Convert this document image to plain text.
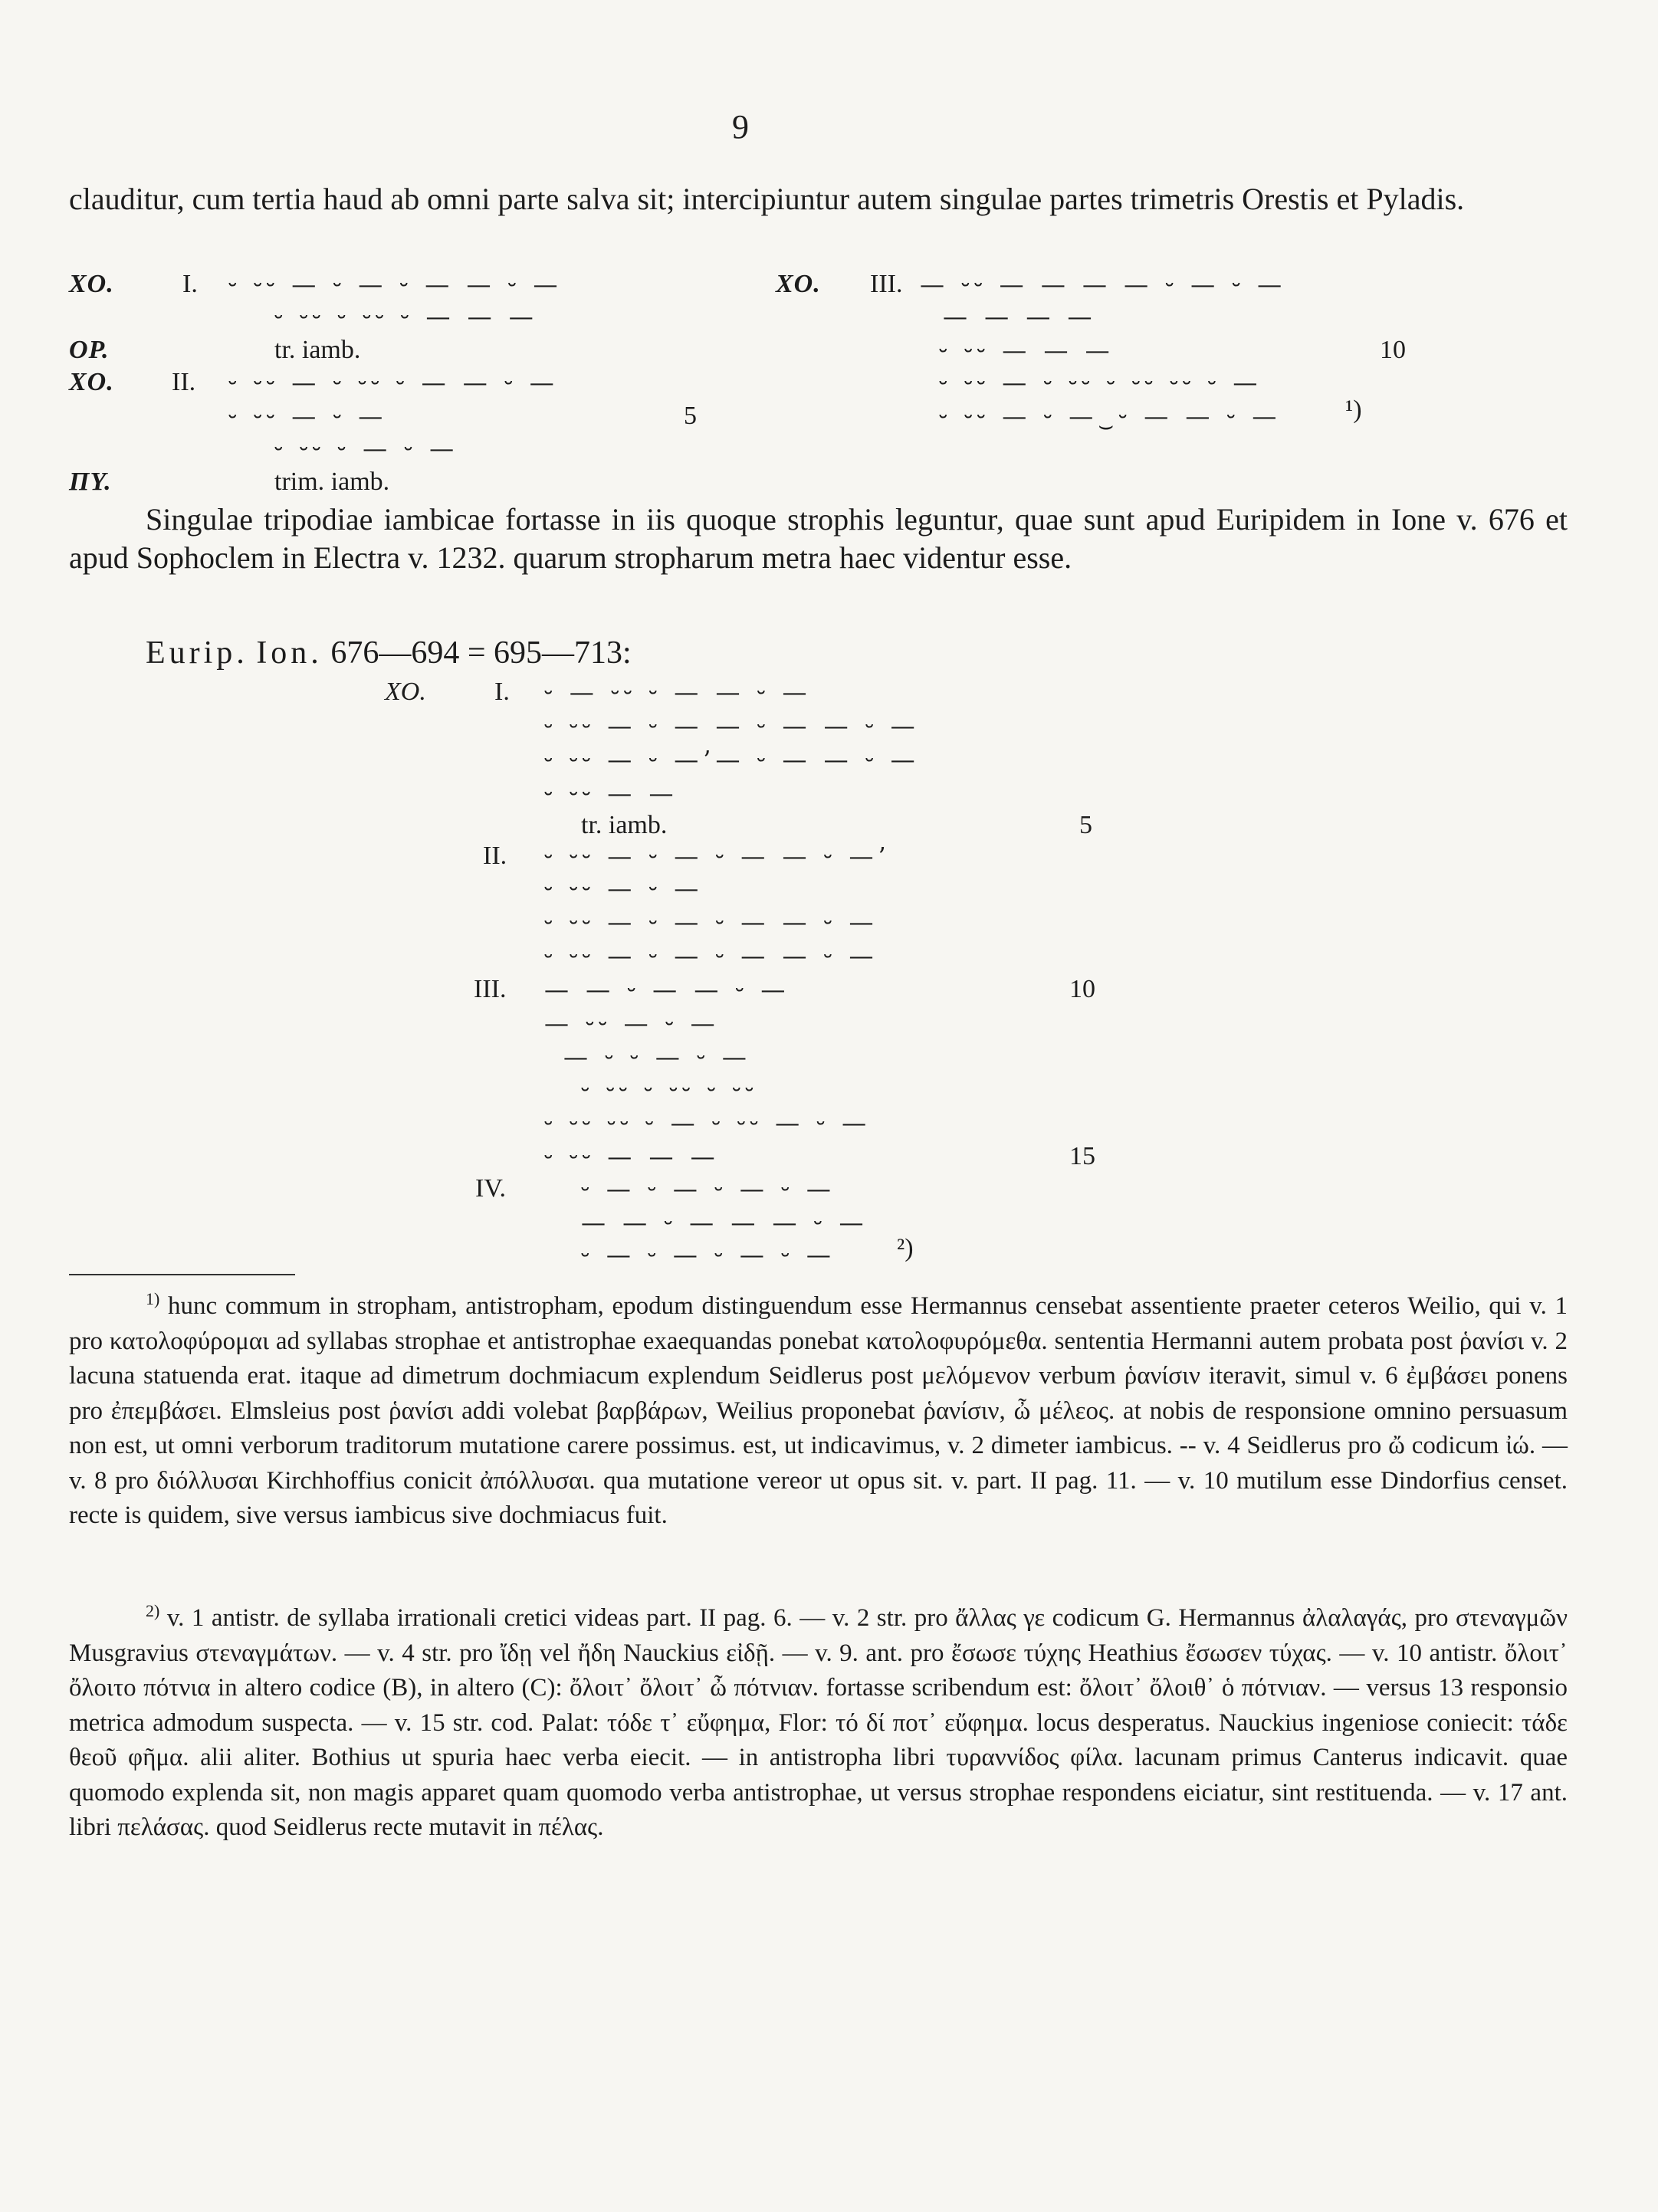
9
clauditur, cum tertia haud ab omni parte salva sit; intercipiuntur autem singulae partes trimetris Orestis et Pyladis.
XO.	I. ⏑ ⏑⏑ — ⏑ — ⏑ — — ⏑ —
⏑ ⏑⏑ ⏑ ⏑⏑ ⏑ — — —
OP.	tr. iamb.
XO. II. ⏑ ⏑⏑ — ⏑ ⏑⏑ ⏑ — — ⏑ —
⏑ ⏑⏑ — ⏑ —	5
⏑ ⏑⏑ ⏑ — ⏑ —
ΠΥ.	trim. iamb.
XO. III. — ⏑⏑ — — — — ⏑ — ⏑ —
— — — —
⏑ ⏑⏑ — — —	10
⏑ ⏑⏑ — ⏑ ⏑⏑ ⏑ ⏑⏑ ⏑⏑ ⏑ —
⏑ ⏑⏑ — ⏑ —‿⏑ — — ⏑ — ¹)
Singulae tripodiae iambicae fortasse in iis quoque strophis leguntur, quae sunt apud Euripidem in Ione v. 676 et apud Sophoclem in Electra v. 1232. quarum stropharum metra haec videntur esse.
Eurip. Ion. 676—694 = 695—713:
XO.	I. ⏑ — ⏑⏑ ⏑ — — ⏑ —
⏑ ⏑⏑ — ⏑ — — ⏑ — — ⏑ —
⏑ ⏑⏑ — ⏑ —’— ⏑ — — ⏑ —
⏑ ⏑⏑ — —
tr. iamb.	5
II. ⏑ ⏑⏑ — ⏑ — ⏑ — — ⏑ —’
⏑ ⏑⏑ — ⏑ —
⏑ ⏑⏑ — ⏑ — ⏑ — — ⏑ —
⏑ ⏑⏑ — ⏑ — ⏑ — — ⏑ —
III. — — ⏑ — — ⏑ —	10
— ⏑⏑ — ⏑ —
— ⏑ ⏑ — ⏑ —
⏑ ⏑⏑ ⏑ ⏑⏑ ⏑ ⏑⏑
⏑ ⏑⏑ ⏑⏑ ⏑ — ⏑ ⏑⏑ — ⏑ —
⏑ ⏑⏑ — — —	15
IV.	⏑ — ⏑ — ⏑ — ⏑ —
— — ⏑ — — — ⏑ —
⏑ — ⏑ — ⏑ — ⏑ — ²)
$^{1)}$ hunc commum in stropham, antistropham, epodum distinguendum esse Hermannus censebat assentiente praeter ceteros Weilio, qui v. 1 pro κατολοφύρομαι ad syllabas strophae et antistrophae exaequandas ponebat κατολοφυρόμεθα. sententia Hermanni autem probata post ῥανίσι v. 2 lacuna statuenda erat. itaque ad dimetrum dochmiacum explendum Seidlerus post μελόμενον verbum ῥανίσιν iteravit, simul v. 6 ἐμβάσει ponens pro ἐπεμβάσει. Elmsleius post ῥανίσι addi volebat βαρβάρων, Weilius proponebat ῥανίσιν, ὦ μέλεος. at nobis de responsione omnino persuasum non est, ut omni verborum traditorum mutatione carere possimus. est, ut indicavimus, v. 2 dimeter iambicus. -- v. 4 Seidlerus pro ὤ codicum ἰώ. — v. 8 pro διόλλυσαι Kirchhoffius conicit ἀπόλλυσαι. qua mutatione vereor ut opus sit. v. part. II pag. 11. — v. 10 mutilum esse Dindorfius censet. recte is quidem, sive versus iambicus sive dochmiacus fuit.
$^{2)}$ v. 1 antistr. de syllaba irrationali cretici videas part. II pag. 6. — v. 2 str. pro ἄλλας γε codicum G. Hermannus ἀλαλαγάς, pro στεναγμῶν Musgravius στεναγμάτων. — v. 4 str. pro ἴδῃ vel ἤδη Nauckius εἰδῇ. — v. 9. ant. pro ἔσωσε τύχης Heathius ἔσωσεν τύχας. — v. 10 antistr. ὄλοιτ᾽ ὄλοιτο πότνια in altero codice (B), in altero (C): ὄλοιτ᾽ ὄλοιτ᾽ ὦ πότνιαν. fortasse scribendum est: ὄλοιτ᾽ ὄλοιθ᾽ ὁ πότνιαν. — versus 13 responsio metrica admodum suspecta. — v. 15 str. cod. Palat: τόδε τ᾽ εὔφημα, Flor: τό δί ποτ᾽ εὔφημα. locus desperatus. Nauckius ingeniose coniecit: τάδε θεοῦ φῆμα. alii aliter. Bothius ut spuria haec verba eiecit. — in antistropha libri τυραννίδος φίλα. lacunam primus Canterus indicavit. quae quomodo explenda sit, non magis apparet quam quomodo verba antistrophae, ut versus strophae respondens eiciatur, sint restituenda. — v. 17 ant. libri πελάσας. quod Seidlerus recte mutavit in πέλας.
